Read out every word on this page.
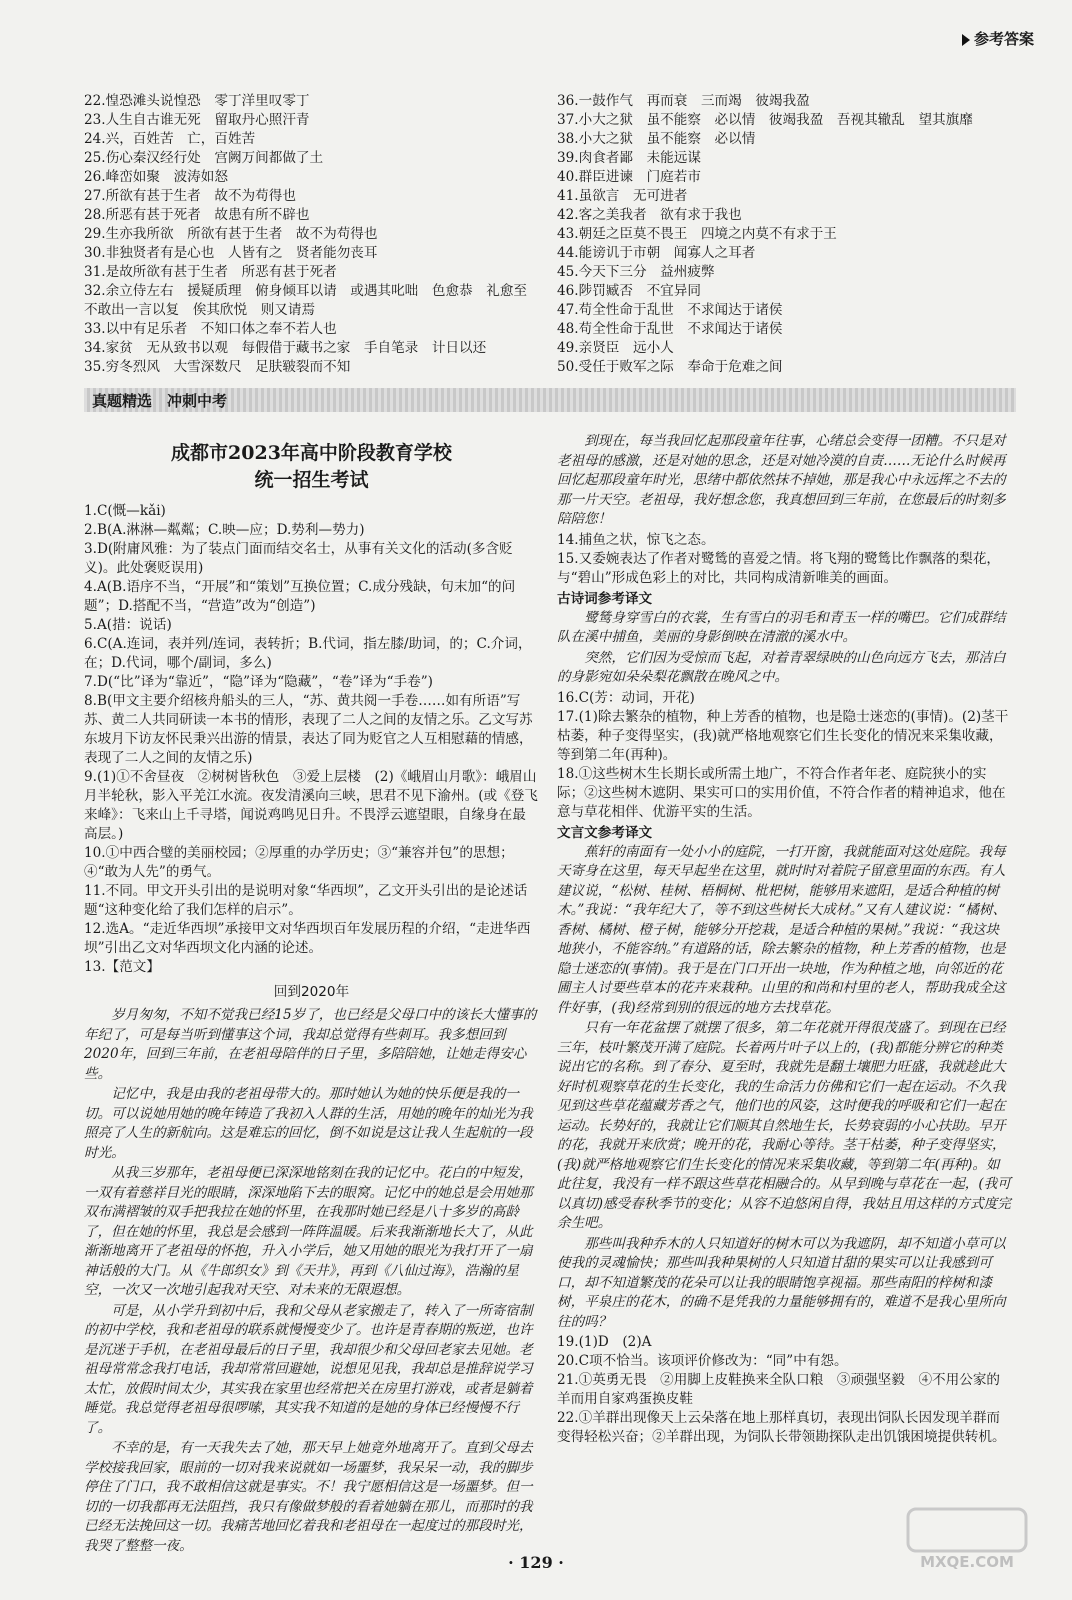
参考答案
22.惶恐滩头说惶恐　零丁洋里叹零丁
23.人生自古谁无死　留取丹心照汗青
24.兴，百姓苦　亡，百姓苦
25.伤心秦汉经行处　宫阙万间都做了土
26.峰峦如聚　波涛如怒
27.所欲有甚于生者　故不为苟得也
28.所恶有甚于死者　故患有所不辟也
29.生亦我所欲　所欲有甚于生者　故不为苟得也
30.非独贤者有是心也　人皆有之　贤者能勿丧耳
31.是故所欲有甚于生者　所恶有甚于死者
32.余立侍左右　援疑质理　俯身倾耳以请　或遇其叱咄　色愈恭　礼愈至　不敢出一言以复　俟其欣悦　则又请焉
33.以中有足乐者　不知口体之奉不若人也
34.家贫　无从致书以观　每假借于藏书之家　手自笔录　计日以还
35.穷冬烈风　大雪深数尺　足肤皲裂而不知
36.一鼓作气　再而衰　三而竭　彼竭我盈
37.小大之狱　虽不能察　必以情　彼竭我盈　吾视其辙乱　望其旗靡
38.小大之狱　虽不能察　必以情
39.肉食者鄙　未能远谋
40.群臣进谏　门庭若市
41.虽欲言　无可进者
42.客之美我者　欲有求于我也
43.朝廷之臣莫不畏王　四境之内莫不有求于王
44.能谤讥于市朝　闻寡人之耳者
45.今天下三分　益州疲弊
46.陟罚臧否　不宜异同
47.苟全性命于乱世　不求闻达于诸侯
48.苟全性命于乱世　不求闻达于诸侯
49.亲贤臣　远小人
50.受任于败军之际　奉命于危难之间
真题精选　冲刺中考
成都市2023年高中阶段教育学校
统一招生考试
1.C(慨—kǎi)
2.B(A.淋淋—粼粼；C.映—应；D.势利—势力)
3.D(附庸风雅：为了装点门面而结交名士，从事有关文化的活动(多含贬义)。此处褒贬误用)
4.A(B.语序不当，“开展”和“策划”互换位置；C.成分残缺，句末加“的问题”；D.搭配不当，“营造”改为“创造”)
5.A(措：说话)
6.C(A.连词，表并列/连词，表转折；B.代词，指左膝/助词，的；C.介词，在；D.代词，哪个/副词，多么)
7.D(“比”译为“靠近”，“隐”译为“隐藏”，“卷”译为“手卷”)
8.B(甲文主要介绍核舟船头的三人，“苏、黄共阅一手卷……如有所语”写苏、黄二人共同研读一本书的情形，表现了二人之间的友情之乐。乙文写苏东坡月下访友怀民秉兴出游的情景，表达了同为贬官之人互相慰藉的情感，表现了二人之间的友情之乐)
9.(1)①不舍昼夜　②树树皆秋色　③爱上层楼　(2)《峨眉山月歌》：峨眉山月半轮秋，影入平羌江水流。夜发清溪向三峡，思君不见下渝州。(或《登飞来峰》：飞来山上千寻塔，闻说鸡鸣见日升。不畏浮云遮望眼，自缘身在最高层。)
10.①中西合璧的美丽校园；②厚重的办学历史；③“兼容并包”的思想；④“敢为人先”的勇气。
11.不同。甲文开头引出的是说明对象“华西坝”，乙文开头引出的是论述话题“这种变化给了我们怎样的启示”。
12.选A。“走近华西坝”承接甲文对华西坝百年发展历程的介绍，“走进华西坝”引出乙文对华西坝文化内涵的论述。
13.【范文】
回到2020年
岁月匆匆，不知不觉我已经15岁了，也已经是父母口中的该长大懂事的年纪了，可是每当听到懂事这个词，我却总觉得有些刺耳。我多想回到2020年，回到三年前，在老祖母陪伴的日子里，多陪陪她，让她走得安心些。
记忆中，我是由我的老祖母带大的。那时她认为她的快乐便是我的一切。可以说她用她的晚年铸造了我初入人群的生活，用她的晚年的灿光为我照亮了人生的新航向。这是难忘的回忆，倒不如说是这让我人生起航的一段时光。
从我三岁那年，老祖母便已深深地铭刻在我的记忆中。花白的中短发，一双有着慈祥目光的眼睛，深深地陷下去的眼窝。记忆中的她总是会用她那双布满褶皱的双手把我拉在她的怀里，在我那时她已经是八十多岁的高龄了，但在她的怀里，我总是会感到一阵阵温暖。后来我渐渐地长大了，从此渐渐地离开了老祖母的怀抱，升入小学后，她又用她的眼光为我打开了一扇神话般的大门。从《牛郎织女》到《天井》，再到《八仙过海》，浩瀚的星空，一次又一次地引起我对天空、对未来的无限遐想。
可是，从小学升到初中后，我和父母从老家搬走了，转入了一所寄宿制的初中学校，我和老祖母的联系就慢慢变少了。也许是青春期的叛逆，也许是沉迷于手机，在老祖母最后的日子里，我却很少和父母回老家去见她。老祖母常常念我打电话，我却常常回避她，说想见见我，我却总是推辞说学习太忙，放假时间太少，其实我在家里也经常把关在房里打游戏，或者是躺着睡觉。我总觉得老祖母很啰嗦，其实我不知道的是她的身体已经慢慢不行了。
不幸的是，有一天我失去了她，那天早上她竟外地离开了。直到父母去学校接我回家，眼前的一切对我来说就如一场噩梦，我呆呆一动，我的脚步停住了门口，我不敢相信这就是事实。不！我宁愿相信这是一场噩梦。但一切的一切我都再无法阻挡，我只有像做梦般的看着她躺在那儿，而那时的我已经无法挽回这一切。我痛苦地回忆着我和老祖母在一起度过的那段时光，我哭了整整一夜。
到现在，每当我回忆起那段童年往事，心绪总会变得一团糟。不只是对老祖母的感激，还是对她的思念，还是对她冷漠的自责……无论什么时候再回忆起那段童年时光，思绪中都依然抹不掉她，那是我心中永远挥之不去的那一片天空。老祖母，我好想念您，我真想回到三年前，在您最后的时刻多陪陪您！
14.捕鱼之状，惊飞之态。
15.又委婉表达了作者对鹭鸶的喜爱之情。将飞翔的鹭鸶比作飘落的梨花，与“碧山”形成色彩上的对比，共同构成清新唯美的画面。
古诗词参考译文
鹭鸶身穿雪白的衣裳，生有雪白的羽毛和青玉一样的嘴巴。它们成群结队在溪中捕鱼，美丽的身影倒映在清澈的溪水中。
突然，它们因为受惊而飞起，对着青翠绿映的山色向远方飞去，那洁白的身影宛如朵朵梨花飘散在晚风之中。
16.C(芳：动词，开花)
17.(1)除去繁杂的植物，种上芳香的植物，也是隐士迷恋的(事情)。(2)茎干枯萎，种子变得坚实，(我)就严格地观察它们生长变化的情况来采集收藏，等到第二年(再种)。
18.①这些树木生长期长或所需土地广，不符合作者年老、庭院狭小的实际；②这些树木遮阴、果实可口的实用价值，不符合作者的精神追求，他在意与草花相伴、优游平实的生活。
文言文参考译文
蕉轩的南面有一处小小的庭院，一打开窗，我就能面对这处庭院。我每天寄身在这里，每天早起坐在这里，就时时对着院子留意里面的东西。有人建议说，“松树、桂树、梧桐树、枇杷树，能够用来遮阳，是适合种植的树木。”我说：“我年纪大了，等不到这些树长大成材。”又有人建议说：“橘树、香树、橘树、橙子树，能够分开挖栽，是适合种植的果树。”我说：“我这块地狭小，不能容纳。”有道路的话，除去繁杂的植物，种上芳香的植物，也是隐士迷恋的(事情)。我于是在门口开出一块地，作为种植之地，向邻近的花圃主人讨要些草本的花卉来栽种。山里的和尚和村里的老人，帮助我成全这件好事，(我)经常到别的很远的地方去找草花。
只有一年花盆摆了就摆了很多，第二年花就开得很茂盛了。到现在已经三年，枝叶繁茂开满了庭院。长着两片叶子以上的，(我)都能分辨它的种类说出它的名称。到了春分、夏至时，我就先是翻土壤肥力旺盛，我就趁此大好时机观察草花的生长变化，我的生命活力仿佛和它们一起在运动。不久我见到这些草花蕴藏芳香之气，他们也的风姿，这时便我的呼吸和它们一起在运动。长势好的，我就让它们顺其自然地生长，长势衰弱的小心扶助。早开的花，我就开来欣赏；晚开的花，我耐心等待。茎干枯萎，种子变得坚实，(我)就严格地观察它们生长变化的情况来采集收藏，等到第二年(再种)。如此往复，我没有一样不跟这些草花相融合的。从早到晚与草花在一起，(我可以真切)感受春秋季节的变化；从容不迫悠闲自得，我姑且用这样的方式度完余生吧。
那些叫我种乔木的人只知道好的树木可以为我遮阴，却不知道小草可以使我的灵魂愉快；那些叫我种果树的人只知道甘甜的果实可以让我感到可口，却不知道繁茂的花朵可以让我的眼睛饱享视福。那些南阳的梓树和漆树，平泉庄的花木，的确不是凭我的力量能够拥有的，难道不是我心里所向往的吗？
19.(1)D　(2)A
20.C项不恰当。该项评价修改为：“同”中有怨。
21.①英勇无畏　②用脚上皮鞋换来全队口粮　③顽强坚毅　④不用公家的羊而用自家鸡蛋换皮鞋
22.①羊群出现像天上云朵落在地上那样真切，表现出饲队长因发现羊群而变得轻松兴奋；②羊群出现，为饲队长带领勘探队走出饥饿困境提供转机。
· 129 ·	MXQE.COM
